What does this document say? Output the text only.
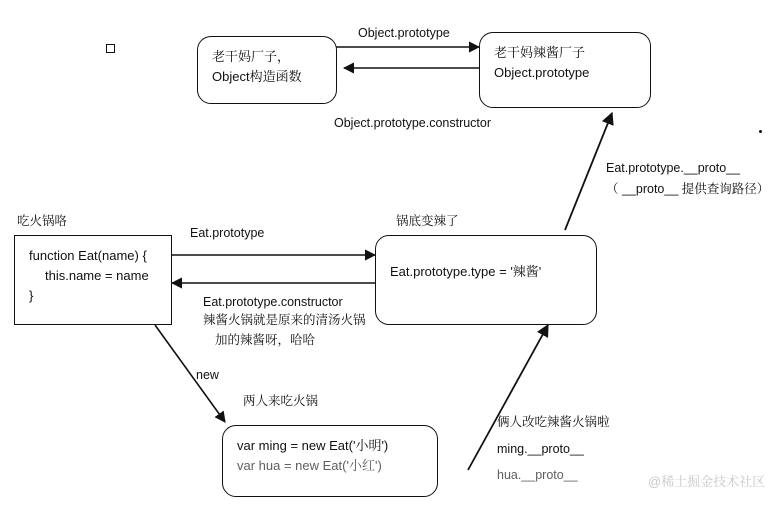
老干妈厂子，
Object构造函数
老干妈辣酱厂子
Object.prototype
function Eat(name) {
this.name = name
}
Eat.prototype.type = '辣酱'
var ming = new Eat('小明')
var hua = new Eat('小红')
Object.prototype
Object.prototype.constructor
Eat.prototype.__proto__
（ __proto__ 提供查询路径）
吃火锅咯	锅底变辣了
Eat.prototype
Eat.prototype.constructor
辣酱火锅就是原来的清汤火锅
加的辣酱呀，哈哈
new
两人来吃火锅
俩人改吃辣酱火锅啦
ming.__proto__
hua.__proto__	@稀土掘金技术社区
